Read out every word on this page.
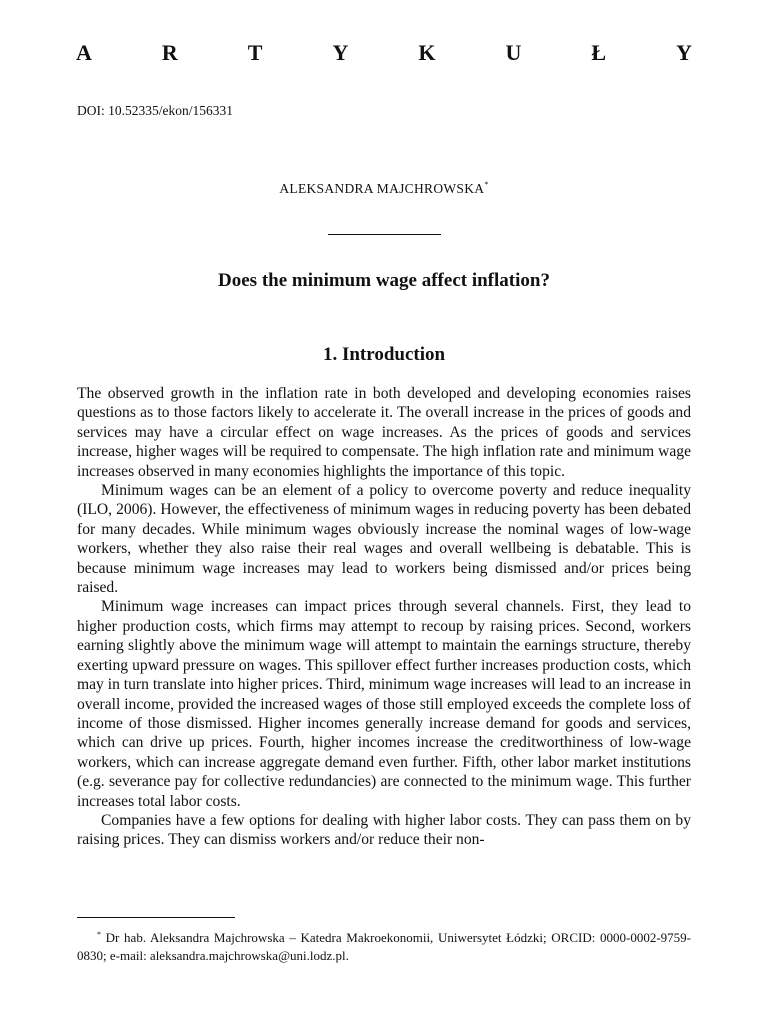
A	R	T	Y	K	U	Ł	Y
DOI: 10.52335/ekon/156331
ALEKSANDRA MAJCHROWSKA*
Does the minimum wage affect inflation?
1. Introduction

The observed growth in the inflation rate in both developed and developing economies raises questions as to those factors likely to accelerate it. The overall increase in the prices of goods and services may have a circular effect on wage increases. As the prices of goods and services increase, higher wages will be required to compensate. The high inflation rate and minimum wage increases observed in many economies highlights the importance of this topic.

Minimum wages can be an element of a policy to overcome poverty and reduce inequality (ILO, 2006). However, the effectiveness of minimum wages in reducing poverty has been debated for many decades. While minimum wages obviously increase the nominal wages of low-wage workers, whether they also raise their real wages and overall wellbeing is debatable. This is because minimum wage increases may lead to workers being dismissed and/or prices being raised.

Minimum wage increases can impact prices through several channels. First, they lead to higher production costs, which firms may attempt to recoup by raising prices. Second, workers earning slightly above the minimum wage will attempt to maintain the earnings structure, thereby exerting upward pressure on wages. This spillover effect further increases production costs, which may in turn translate into higher prices. Third, minimum wage increases will lead to an increase in overall income, provided the increased wages of those still employed exceeds the complete loss of income of those dismissed. Higher incomes generally increase demand for goods and services, which can drive up prices. Fourth, higher incomes increase the creditworthiness of low-wage workers, which can increase aggregate demand even further. Fifth, other labor market institutions (e.g. severance pay for collective redundancies) are connected to the minimum wage. This further increases total labor costs.

Companies have a few options for dealing with higher labor costs. They can pass them on by raising prices. They can dismiss workers and/or reduce their non-

* Dr hab. Aleksandra Majchrowska – Katedra Makroekonomii, Uniwersytet Łódzki; ORCID: 0000-0002-9759-0830; e-mail: aleksandra.majchrowska@uni.lodz.pl.
